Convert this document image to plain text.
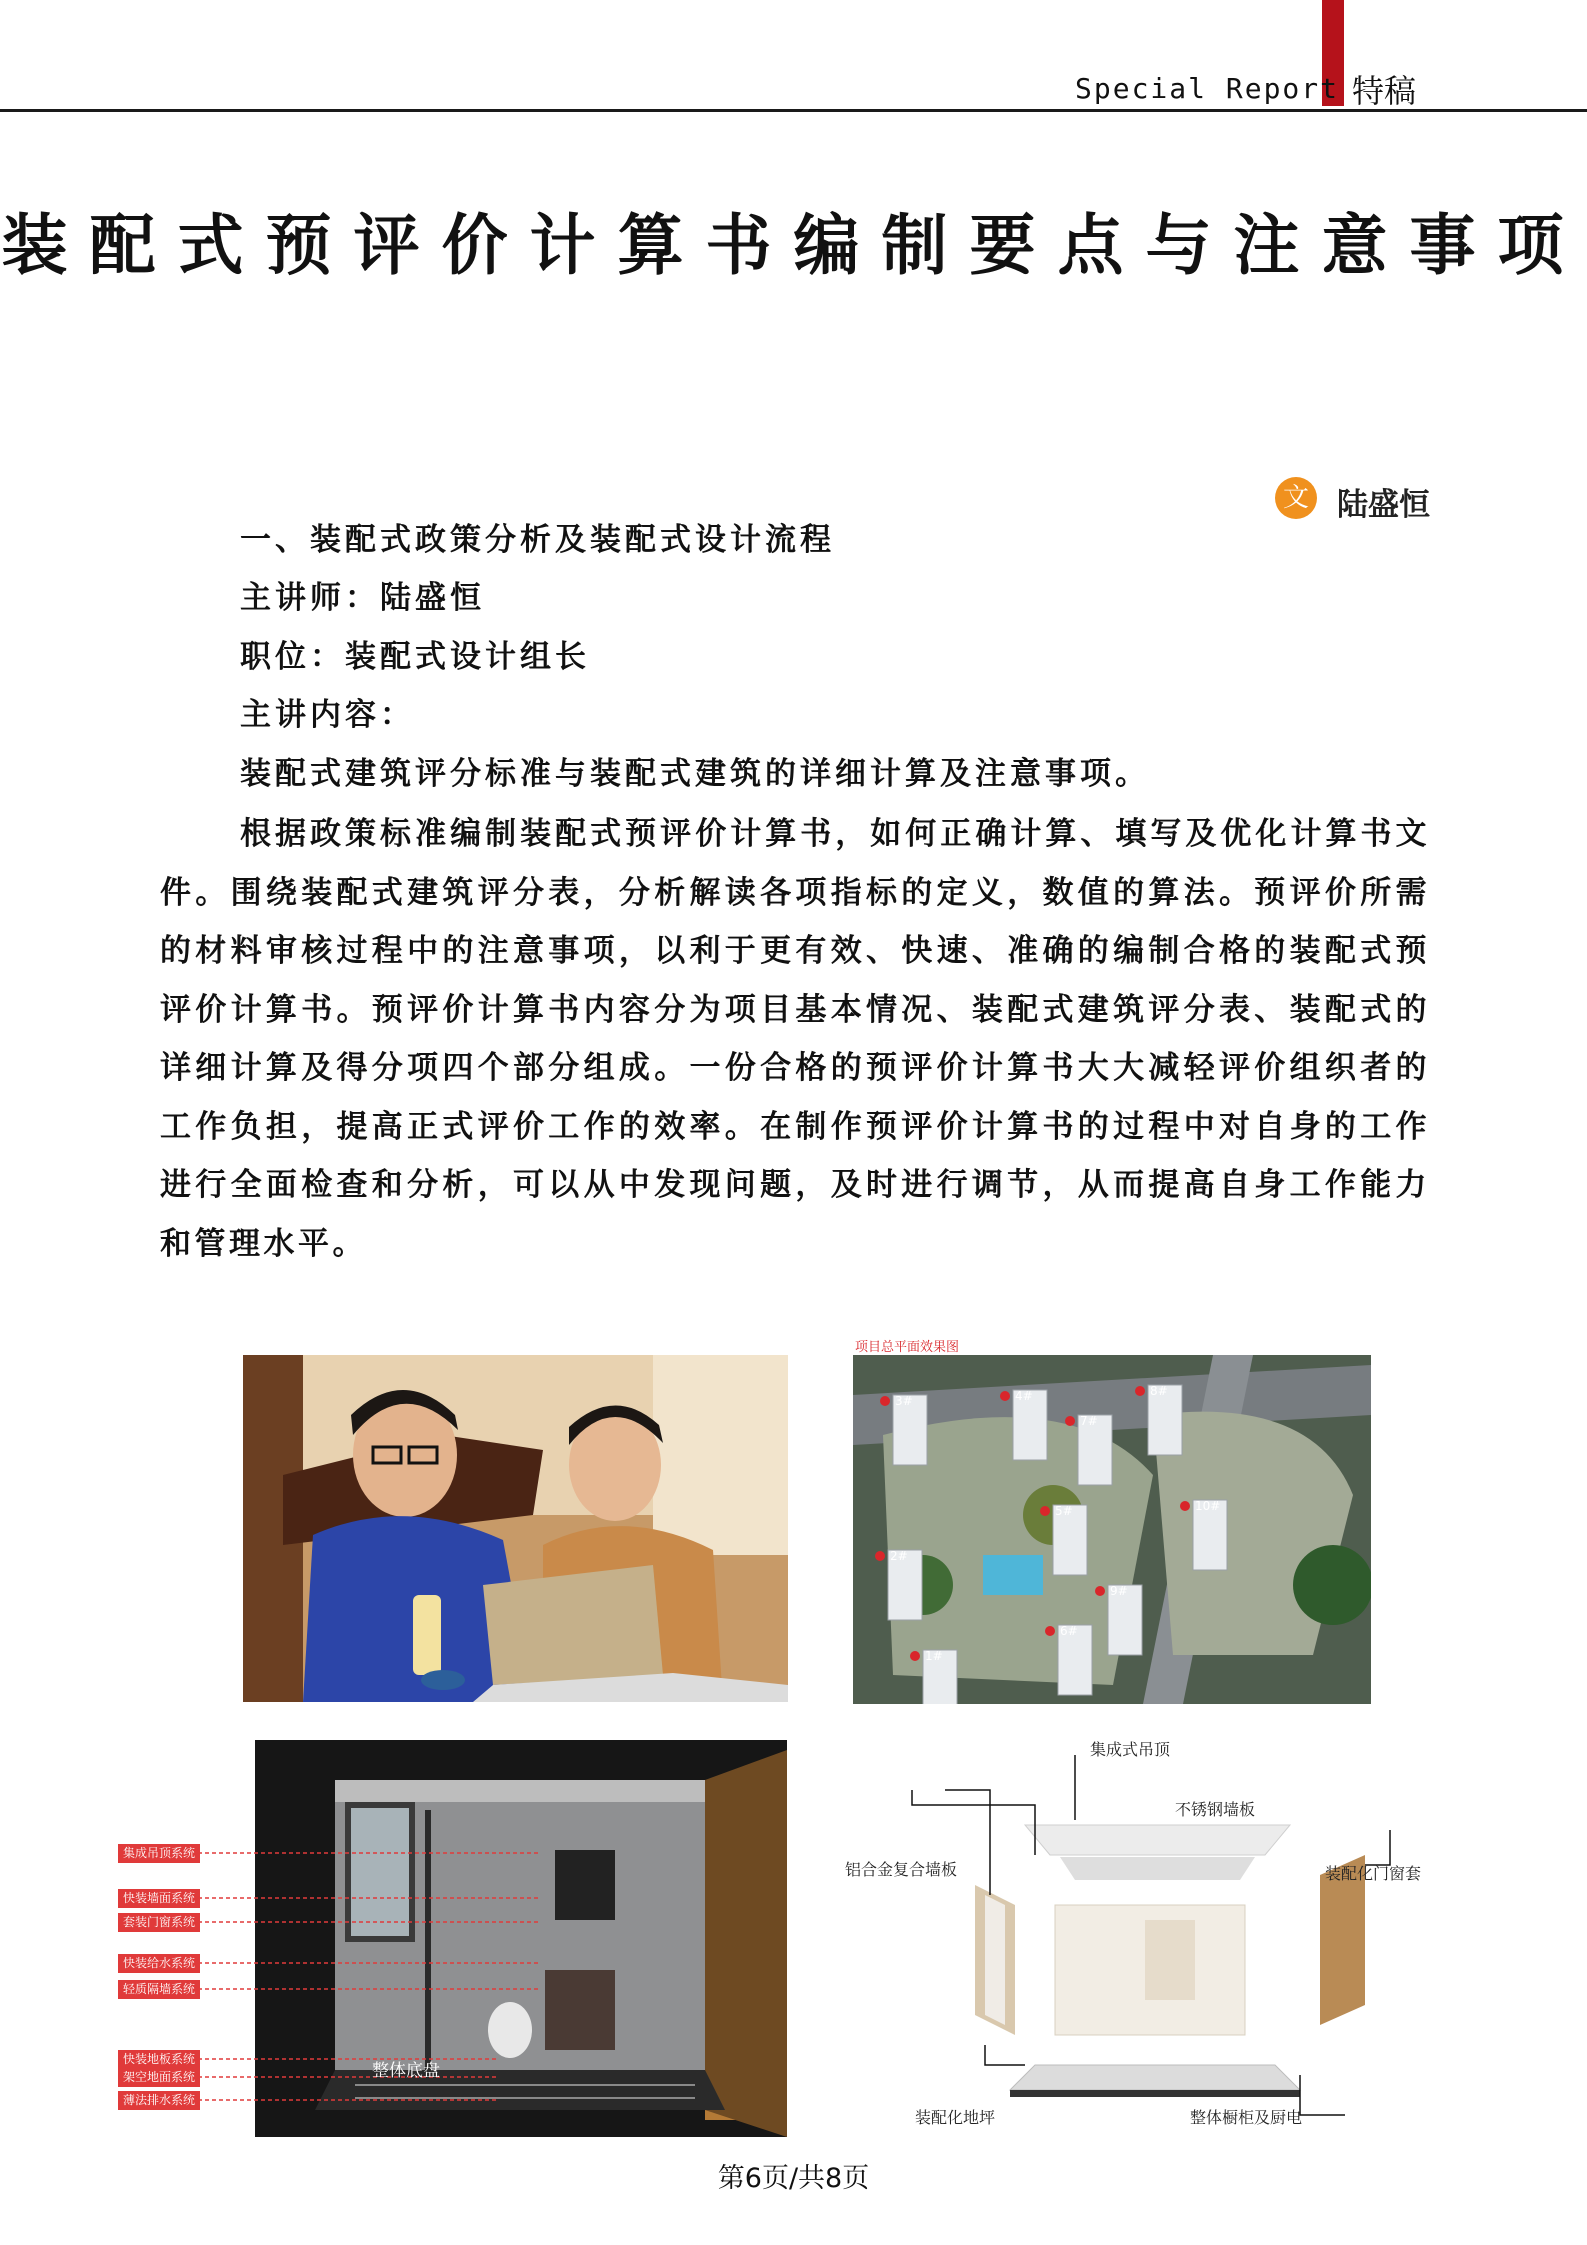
Special Report 特稿
装配式预评价计算书编制要点与注意事项
文 陆盛恒
一、装配式政策分析及装配式设计流程
主讲师：陆盛恒
职位：装配式设计组长
主讲内容：
装配式建筑评分标准与装配式建筑的详细计算及注意事项。
根据政策标准编制装配式预评价计算书，如何正确计算、填写及优化计算书文件。围绕装配式建筑评分表，分析解读各项指标的定义，数值的算法。预评价所需的材料审核过程中的注意事项，以利于更有效、快速、准确的编制合格的装配式预评价计算书。预评价计算书内容分为项目基本情况、装配式建筑评分表、装配式的详细计算及得分项四个部分组成。一份合格的预评价计算书大大减轻评价组织者的工作负担，提高正式评价工作的效率。在制作预评价计算书的过程中对自身的工作进行全面检查和分析，可以从中发现问题，及时进行调节，从而提高自身工作能力和管理水平。
项目总平面效果图
1#
2#
3#	4#
5#
6#
7#
8#
9#
10#
集成吊顶系统
快装墙面系统
套装门窗系统
快装给水系统
轻质隔墙系统
快装地板系统
架空地面系统
薄法排水系统
整体底盘
集成式吊顶
不锈钢墙板
铝合金复合墙板	装配化门窗套
装配化地坪	整体橱柜及厨电
第6页/共8页
